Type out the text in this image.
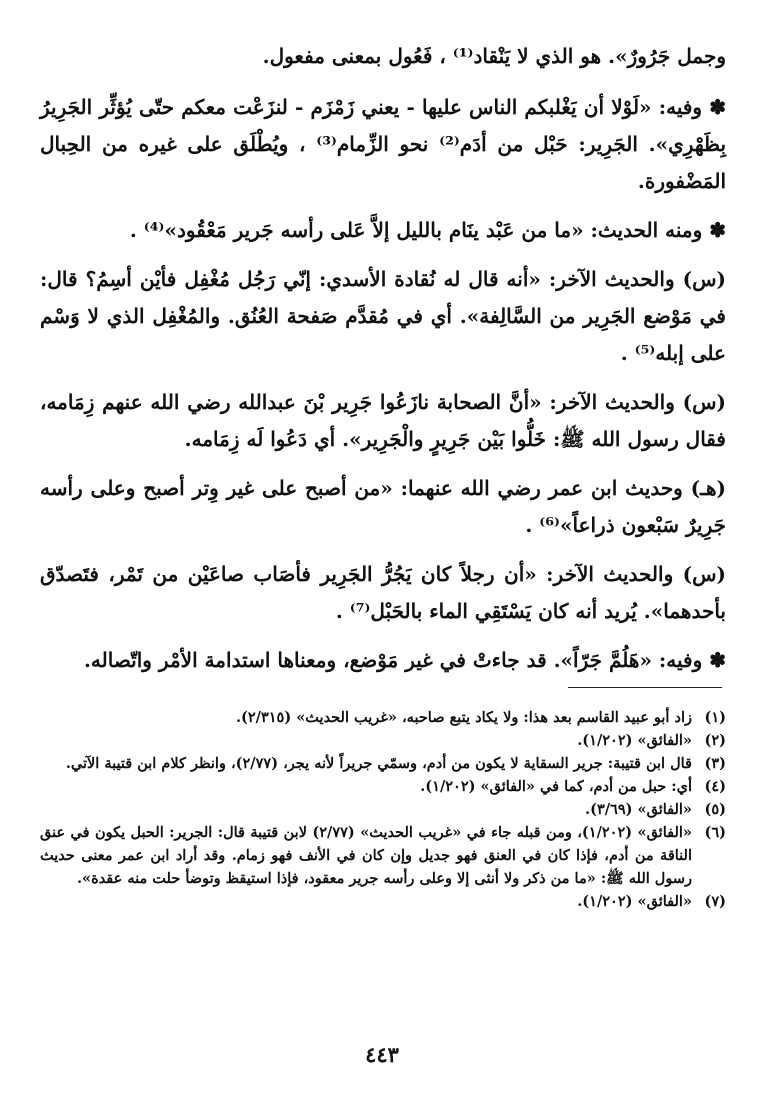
وجمل جَرُورٌ». هو الذي لا يَنْقاد⁽¹⁾ ، فَعُول بمعنى مفعول.

✽ وفيه: «لَوْلا أن يَغْلبكم الناس عليها - يعني زَمْزَم - لنزَعْت معكم حتّى يُؤثِّر الجَرِيرُ بِظَهْرِي». الجَرِير: حَبْل من أدَم⁽²⁾ نحو الزِّمام⁽³⁾ ، ويُطْلَق على غيره من الحِبال المَضْفورة.

✽ ومنه الحديث: «ما من عَبْد ينَام بالليل إلاَّ عَلى رأسه جَرير مَعْقُود»⁽⁴⁾ .

(س) والحديث الآخر: «أنه قال له نُقادة الأسدي: إنّي رَجُل مُغْفِل فأيْن أسِمُ؟ قال: في مَوْضع الجَرِير من السَّالِفة». أي في مُقدَّم صَفحة العُنُق. والمُغْفِل الذي لا وَسْم على إبله⁽⁵⁾ .

(س) والحديث الآخر: «أنَّ الصحابة نازَعُوا جَرِير بْنَ عبدالله رضي الله عنهم زِمَامه، فقال رسول الله ﷺ: خَلُّوا بَيْن جَرِيرٍ والْجَرِير». أي دَعُوا لَه زِمَامه.

(هـ) وحديث ابن عمر رضي الله عنهما: «من أصبح على غير وِتر أصبح وعلى رأسه جَرِيرٌ سَبْعون ذراعاً»⁽⁶⁾ .

(س) والحديث الآخر: «أن رجلاً كان يَجُرُّ الجَرِير فأصَاب صاعَيْن من تَمْر، فتَصدّق بأحدهما». يُريد أنه كان يَسْتَقِي الماء بالحَبْل⁽⁷⁾ .

✽ وفيه: «هَلُمَّ جَرّاً». قد جاءتْ في غير مَوْضع، ومعناها استدامة الأمْر واتّصاله.

(١)
زاد أبو عبيد القاسم بعد هذا: ولا يكاد يتبع صاحبه، «غريب الحديث» (٢/٣١٥).
(٢)
«الفائق» (١/٢٠٢).
(٣)
قال ابن قتيبة: جرير السقاية لا يكون من أدم، وسمّي جريراً لأنه يجر، (٢/٧٧)، وانظر كلام ابن قتيبة الآتي.
(٤)
أي: حبل من أدم، كما في «الفائق» (١/٢٠٢).
(٥)
«الفائق» (٣/٦٩).
(٦)
«الفائق» (١/٢٠٢)، ومن قبله جاء في «غريب الحديث» (٢/٧٧) لابن قتيبة قال: الجرير: الحبل يكون في عنق الناقة من أدم، فإذا كان في العنق فهو جديل وإن كان في الأنف فهو زمام. وقد أراد ابن عمر معنى حديث رسول الله ﷺ: «ما من ذكر ولا أنثى إلا وعلى رأسه جرير معقود، فإذا استيقظ وتوضأ حلت منه عقدة».
(٧)
«الفائق» (١/٢٠٢).
٤٤٣
